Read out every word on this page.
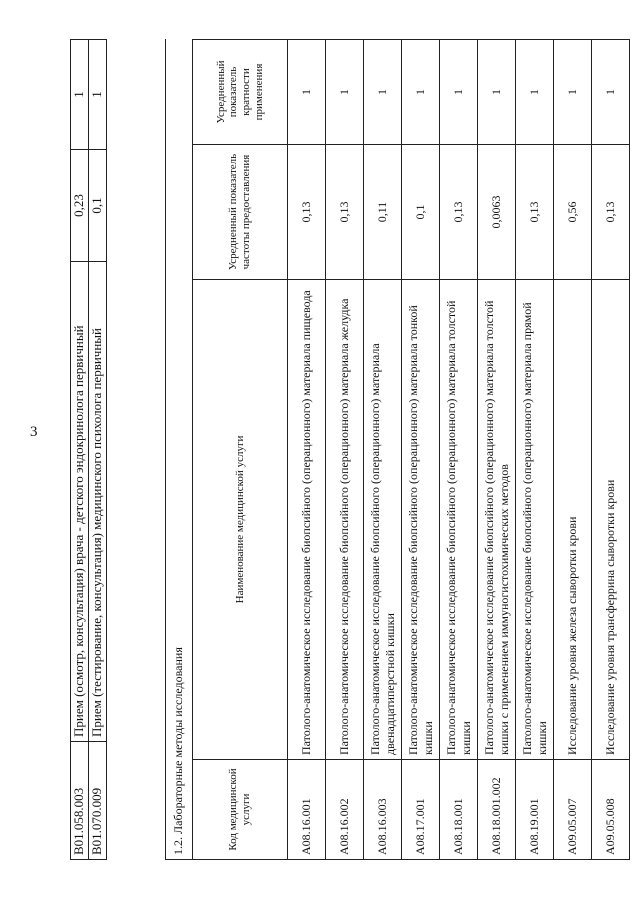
3
B01.058.003	Прием (осмотр, консультация) врача - детского эндокринолога первичный	0,23	1
B01.070.009	Прием (тестирование, консультация) медицинского психолога первичный	0,1	1
1.2. Лабораторные методы исследования			
Код медицинской услуги	Наименование медицинской услуги	Усредненный показатель частоты предоставления	Усредненный показатель кратности применения
A08.16.001	Патолого-анатомическое исследование биопсийного (операционного) материала пищевода	0,13	1
A08.16.002	Патолого-анатомическое исследование биопсийного (операционного) материала желудка	0,13	1
A08.16.003	Патолого-анатомическое исследование биопсийного (операционного) материала двенадцатиперстной кишки	0,11	1
A08.17.001	Патолого-анатомическое исследование биопсийного (операционного) материала тонкой кишки	0,1	1
A08.18.001	Патолого-анатомическое исследование биопсийного (операционного) материала толстой кишки	0,13	1
A08.18.001.002	Патолого-анатомическое исследование биопсийного (операционного) материала толстой кишки с применением иммуногистохимических методов	0,0063	1
A08.19.001	Патолого-анатомическое исследование биопсийного (операционного) материала прямой кишки	0,13	1
A09.05.007	Исследование уровня железа сыворотки крови	0,56	1
A09.05.008	Исследование уровня трансферрина сыворотки крови	0,13	1
